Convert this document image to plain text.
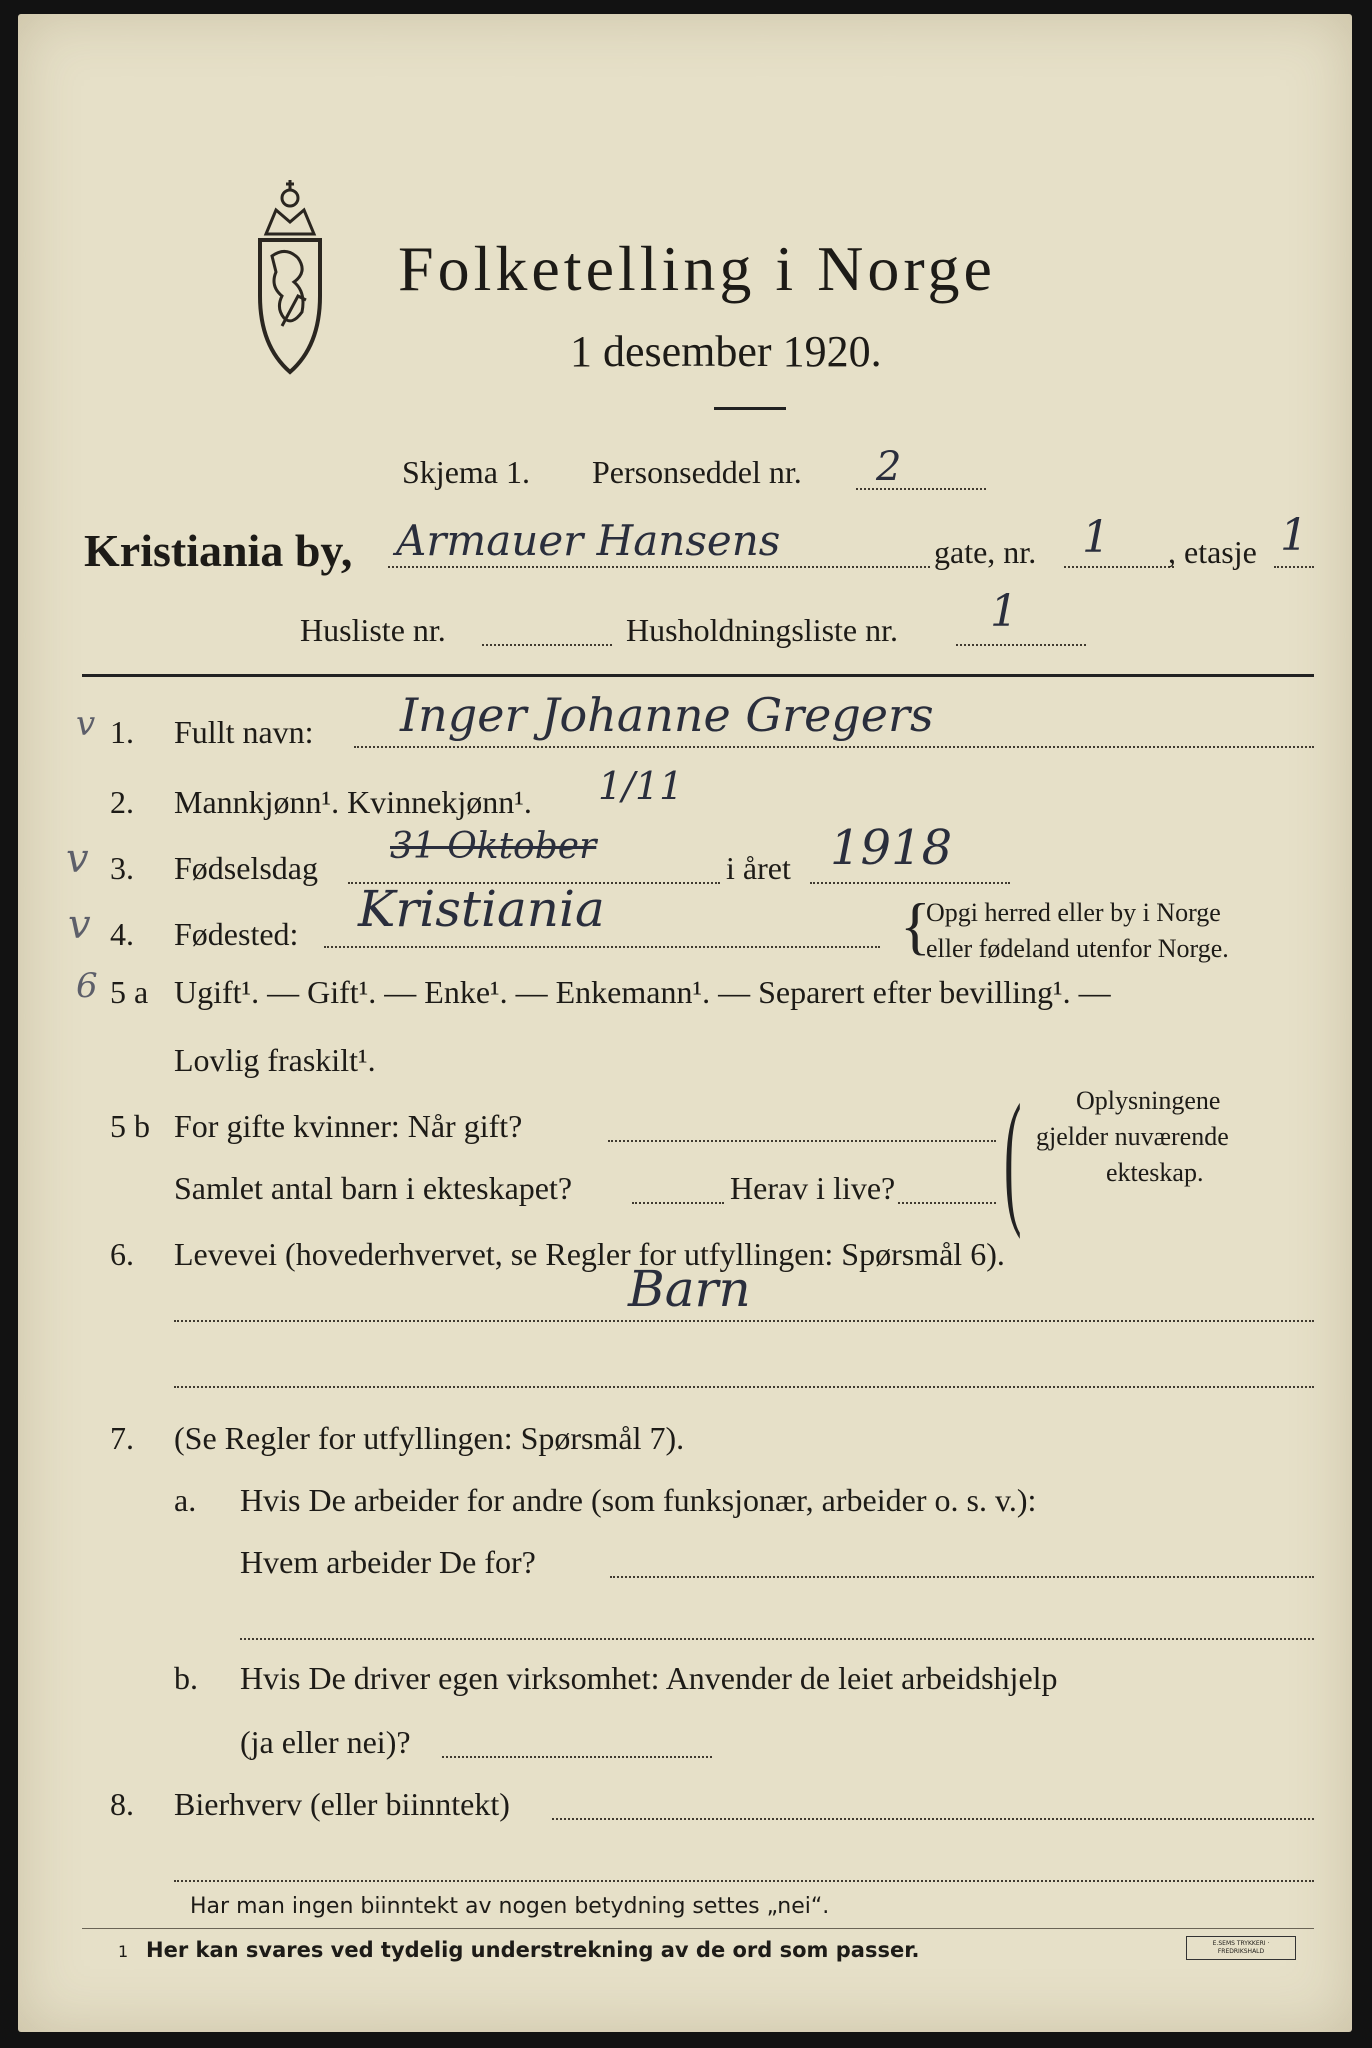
Folketelling i Norge
1 desember 1920.
Skjema 1. Personseddel nr. 2
Kristiania by, Armauer Hansens	gate, nr. 1 , etasje 1
Husliste nr.	Husholdningsliste nr. 1
v
v
v
6
1. Fullt navn: Inger Johanne Gregers
2. Mannkjønn¹. Kvinnekjønn¹. 1/11
3. Fødselsdag
31 Oktober
i året 1918
4. Fødested: Kristiania	{
Opgi herred eller by i Norge
eller fødeland utenfor Norge.
5 a Ugift¹. — Gift¹. — Enke¹. — Enkemann¹. — Separert efter bevilling¹. —
Lovlig fraskilt¹.
5 b For gifte kvinner: Når gift?
Samlet antal barn i ekteskapet?	Herav i live? ( Oplysningene
gjelder nuværende
ekteskap.
6. Levevei (hovederhvervet, se Regler for utfyllingen: Spørsmål 6).
Barn
7. (Se Regler for utfyllingen: Spørsmål 7).
a. Hvis De arbeider for andre (som funksjonær, arbeider o. s. v.):
Hvem arbeider De for?
b. Hvis De driver egen virksomhet: Anvender de leiet arbeidshjelp
(ja eller nei)?
8. Bierhverv (eller biinntekt)
Har man ingen biinntekt av nogen betydning settes „nei“.
1 Her kan svares ved tydelig understrekning av de ord som passer.	E.SEMS TRYKKERI · FREDRIKSHALD
